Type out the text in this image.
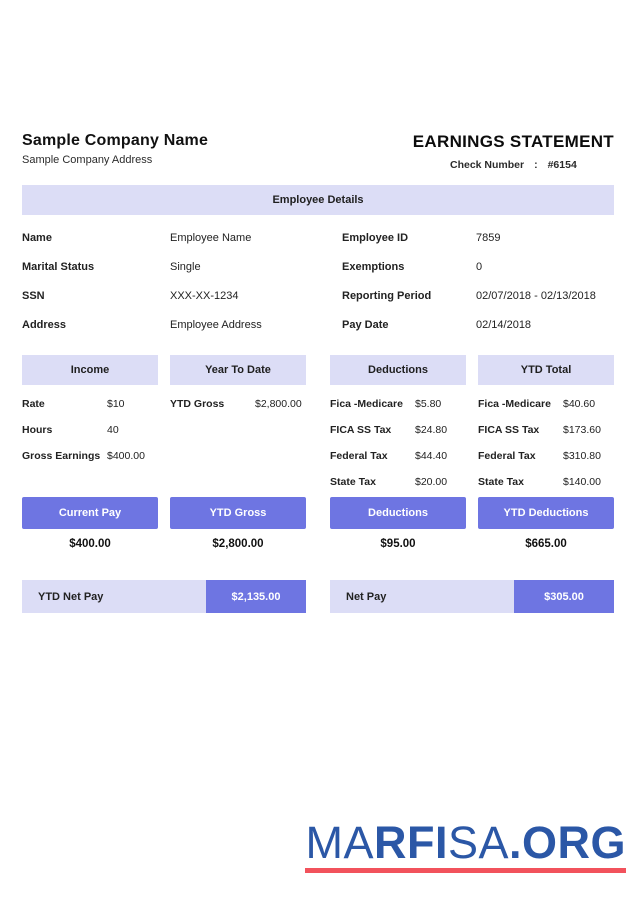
Sample Company Name
Sample Company Address
EARNINGS STATEMENT
Check Number : #6154
Employee Details
Name	Employee Name	Employee ID	7859
Marital Status	Single	Exemptions	0
SSN	XXX-XX-1234	Reporting Period	02/07/2018 - 02/13/2018
Address	Employee Address	Pay Date	02/14/2018
Income
Rate	$10
Hours	40
Gross Earnings $400.00
Year To Date
YTD Gross	$2,800.00
Deductions
Fica -Medicare	$5.80
FICA SS Tax	$24.80
Federal Tax	$44.40
State Tax	$20.00
YTD Total
Fica -Medicare	$40.60
FICA SS Tax	$173.60
Federal Tax	$310.80
State Tax	$140.00
Current Pay	YTD Gross	Deductions	YTD Deductions
$400.00	$2,800.00	$95.00	$665.00
YTD Net Pay	$2,135.00	Net Pay	$305.00
MARFISA.ORG
